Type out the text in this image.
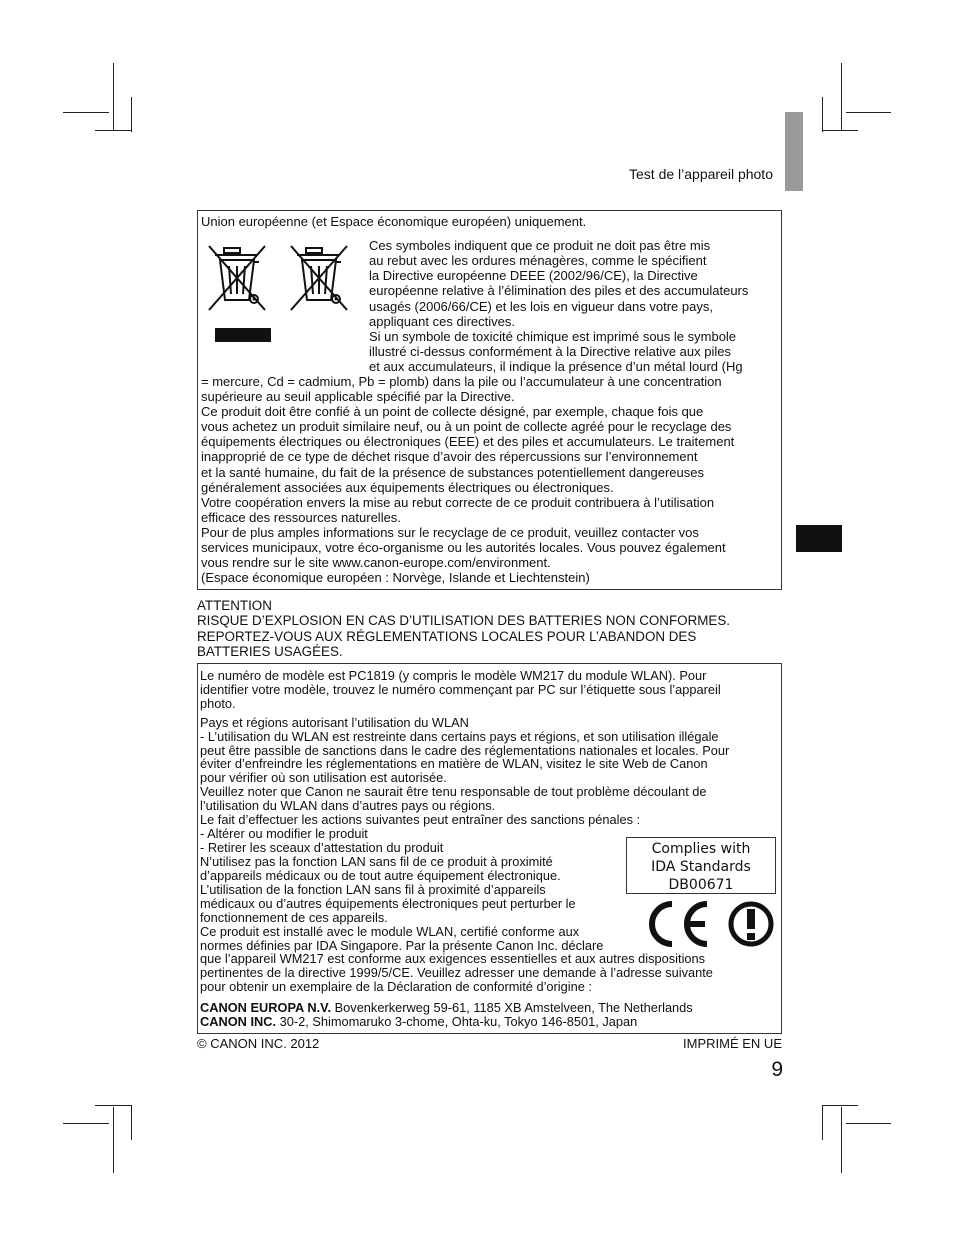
Test de l’appareil photo
Union européenne (et Espace économique européen) uniquement.
Ces symboles indiquent que ce produit ne doit pas être mis
au rebut avec les ordures ménagères, comme le spécifient
la Directive européenne DEEE (2002/96/CE), la Directive
européenne relative à l’élimination des piles et des accumulateurs
usagés (2006/66/CE) et les lois en vigueur dans votre pays,
appliquant ces directives.
Si un symbole de toxicité chimique est imprimé sous le symbole
illustré ci-dessus conformément à la Directive relative aux piles
et aux accumulateurs, il indique la présence d’un métal lourd (Hg
= mercure, Cd = cadmium, Pb = plomb) dans la pile ou l’accumulateur à une concentration
supérieure au seuil applicable spécifié par la Directive.
Ce produit doit être confié à un point de collecte désigné, par exemple, chaque fois que
vous achetez un produit similaire neuf, ou à un point de collecte agréé pour le recyclage des
équipements électriques ou électroniques (EEE) et des piles et accumulateurs. Le traitement
inapproprié de ce type de déchet risque d’avoir des répercussions sur l’environnement
et la santé humaine, du fait de la présence de substances potentiellement dangereuses
généralement associées aux équipements électriques ou électroniques.
Votre coopération envers la mise au rebut correcte de ce produit contribuera à l’utilisation
efficace des ressources naturelles.
Pour de plus amples informations sur le recyclage de ce produit, veuillez contacter vos
services municipaux, votre éco-organisme ou les autorités locales. Vous pouvez également
vous rendre sur le site www.canon-europe.com/environment.
(Espace économique européen : Norvège, Islande et Liechtenstein)
ATTENTION
RISQUE D’EXPLOSION EN CAS D’UTILISATION DES BATTERIES NON CONFORMES.
REPORTEZ-VOUS AUX RÉGLEMENTATIONS LOCALES POUR L’ABANDON DES
BATTERIES USAGÉES.
Le numéro de modèle est PC1819 (y compris le modèle WM217 du module WLAN). Pour
identifier votre modèle, trouvez le numéro commençant par PC sur l’étiquette sous l’appareil
photo.
Pays et régions autorisant l’utilisation du WLAN
- L’utilisation du WLAN est restreinte dans certains pays et régions, et son utilisation illégale
peut être passible de sanctions dans le cadre des réglementations nationales et locales. Pour
éviter d’enfreindre les réglementations en matière de WLAN, visitez le site Web de Canon
pour vérifier où son utilisation est autorisée.
Veuillez noter que Canon ne saurait être tenu responsable de tout problème découlant de
l’utilisation du WLAN dans d’autres pays ou régions.
Le fait d’effectuer les actions suivantes peut entraîner des sanctions pénales :
- Altérer ou modifier le produit
- Retirer les sceaux d’attestation du produit
N’utilisez pas la fonction LAN sans fil de ce produit à proximité
d’appareils médicaux ou de tout autre équipement électronique.
L’utilisation de la fonction LAN sans fil à proximité d’appareils
médicaux ou d’autres équipements électroniques peut perturber le
fonctionnement de ces appareils.
Ce produit est installé avec le module WLAN, certifié conforme aux
normes définies par IDA Singapore. Par la présente Canon Inc. déclare
que l’appareil WM217 est conforme aux exigences essentielles et aux autres dispositions
pertinentes de la directive 1999/5/CE. Veuillez adresser une demande à l’adresse suivante
pour obtenir un exemplaire de la Déclaration de conformité d’origine :
CANON EUROPA N.V. Bovenkerkerweg 59-61, 1185 XB Amstelveen, The Netherlands
CANON INC. 30-2, Shimomaruko 3-chome, Ohta-ku, Tokyo 146-8501, Japan
Complies with
IDA Standards
DB00671
© CANON INC. 2012	IMPRIMÉ EN UE
9
